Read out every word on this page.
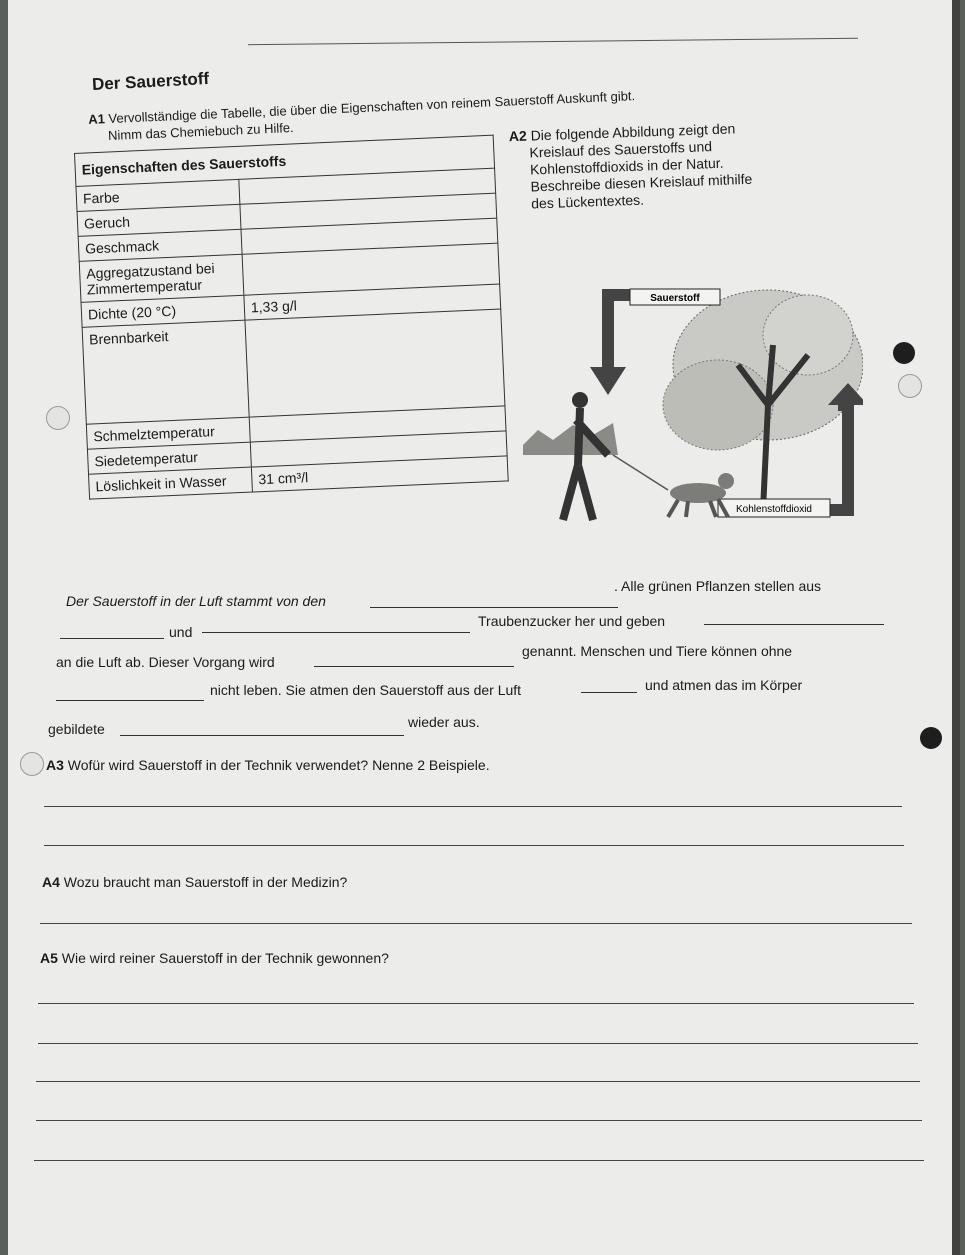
Der Sauerstoff
A1 Vervollständige die Tabelle, die über die Eigenschaften von reinem Sauerstoff Auskunft gibt.
Nimm das Chemiebuch zu Hilfe.
Eigenschaften des Sauerstoffs	
Farbe	
Geruch	
Geschmack	
Aggregatzustand bei Zimmertemperatur	
Dichte (20 °C)	1,33 g/l
Brennbarkeit	
Schmelztemperatur	
Siedetemperatur	
Löslichkeit in Wasser	31 cm³/l
A2 Die folgende Abbildung zeigt den
Kreislauf des Sauerstoffs und
Kohlenstoffdioxids in der Natur.
Beschreibe diesen Kreislauf mithilfe
des Lückentextes.
Sauerstoff
Kohlenstoffdioxid
Der Sauerstoff in der Luft stammt von den
. Alle grünen Pflanzen stellen aus
und
Traubenzucker her und geben
an die Luft ab. Dieser Vorgang wird
genannt. Menschen und Tiere können ohne
nicht leben. Sie atmen den Sauerstoff aus der Luft	und atmen das im Körper
gebildete	wieder aus.
A3 Wofür wird Sauerstoff in der Technik verwendet? Nenne 2 Beispiele.
A4 Wozu braucht man Sauerstoff in der Medizin?
A5 Wie wird reiner Sauerstoff in der Technik gewonnen?
